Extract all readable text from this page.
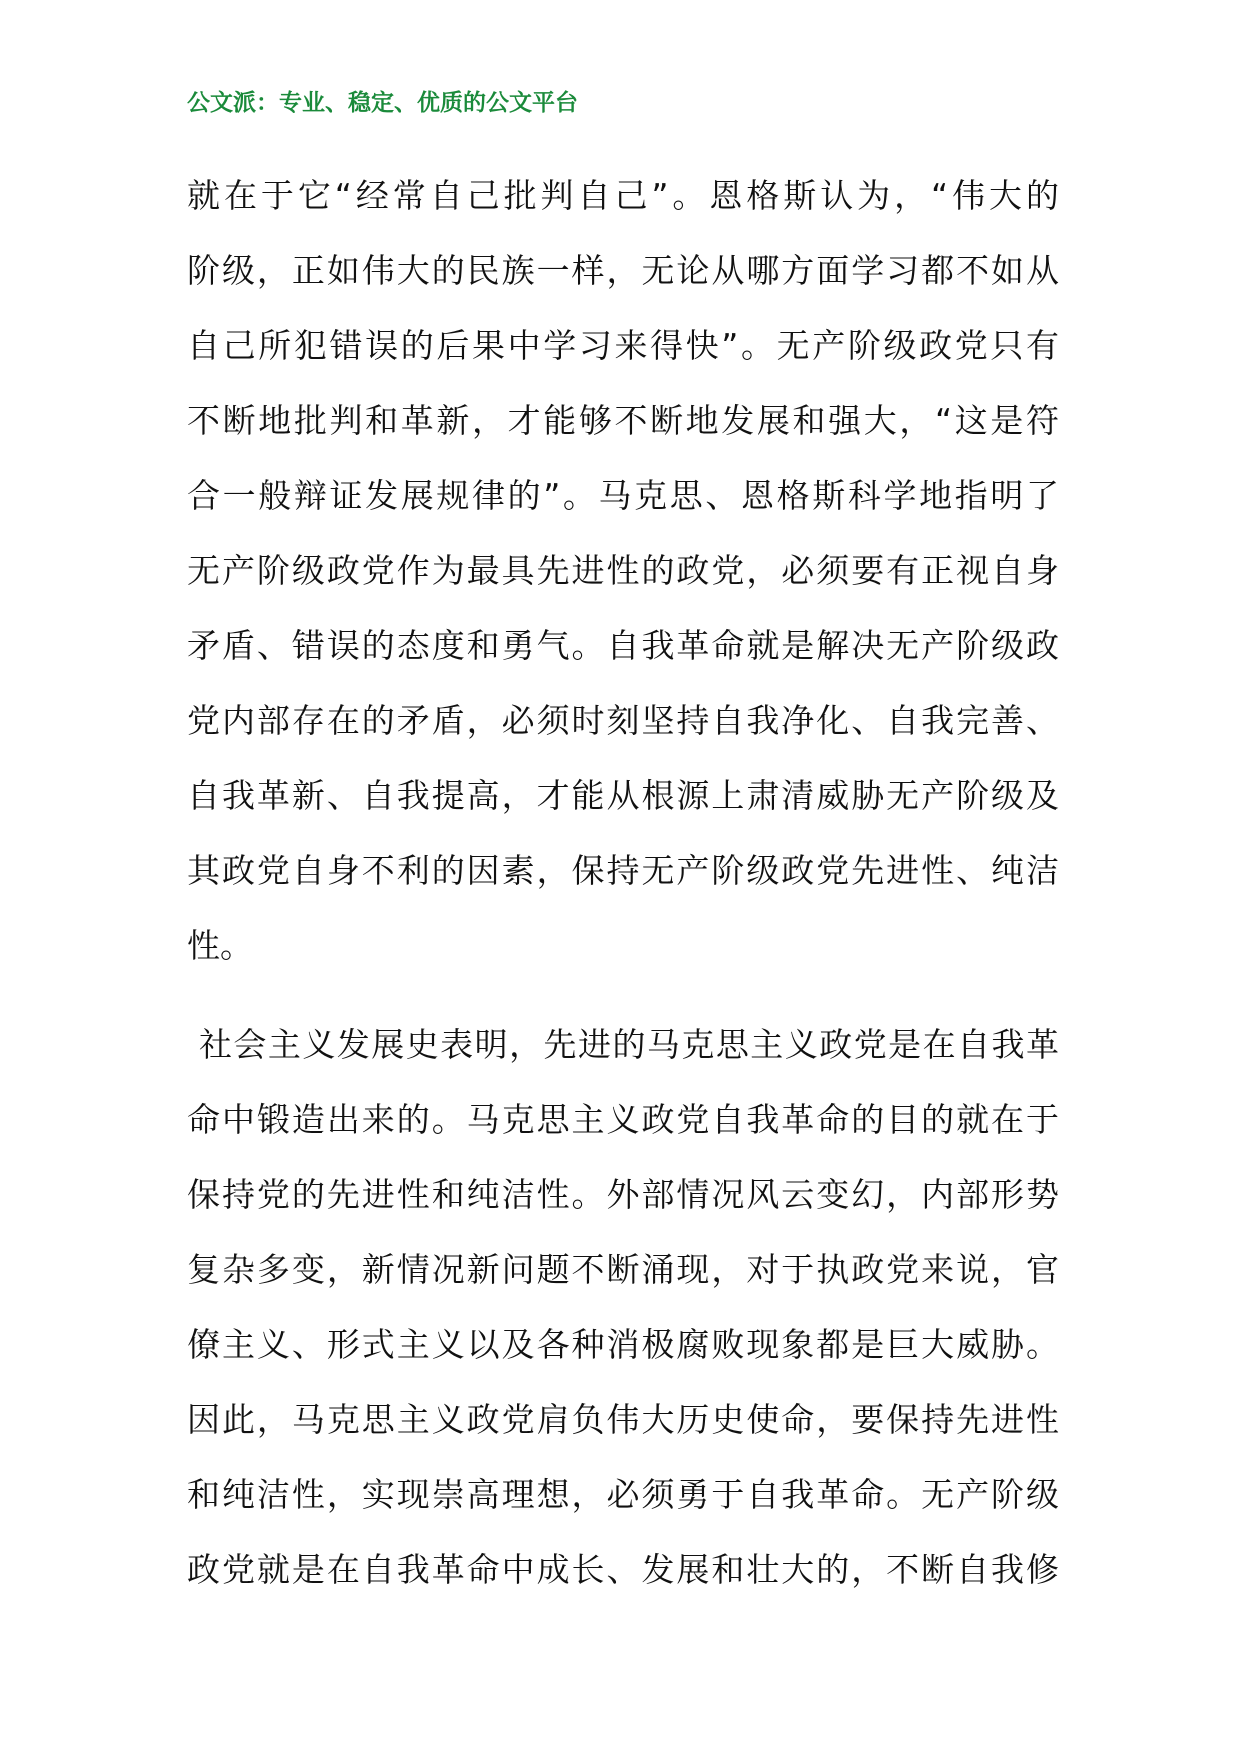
公文派：专业、稳定、优质的公文平台
就在于它“经常自己批判自己”。恩格斯认为，“伟大的
阶级，正如伟大的民族一样，无论从哪方面学习都不如从
自己所犯错误的后果中学习来得快”。无产阶级政党只有
不断地批判和革新，才能够不断地发展和强大，“这是符
合一般辩证发展规律的”。马克思、恩格斯科学地指明了
无产阶级政党作为最具先进性的政党，必须要有正视自身
矛盾、错误的态度和勇气。自我革命就是解决无产阶级政
党内部存在的矛盾，必须时刻坚持自我净化、自我完善、
自我革新、自我提高，才能从根源上肃清威胁无产阶级及
其政党自身不利的因素，保持无产阶级政党先进性、纯洁
性。
社会主义发展史表明，先进的马克思主义政党是在自我革
命中锻造出来的。马克思主义政党自我革命的目的就在于
保持党的先进性和纯洁性。外部情况风云变幻，内部形势
复杂多变，新情况新问题不断涌现，对于执政党来说，官
僚主义、形式主义以及各种消极腐败现象都是巨大威胁。
因此，马克思主义政党肩负伟大历史使命，要保持先进性
和纯洁性，实现崇高理想，必须勇于自我革命。无产阶级
政党就是在自我革命中成长、发展和壮大的，不断自我修
